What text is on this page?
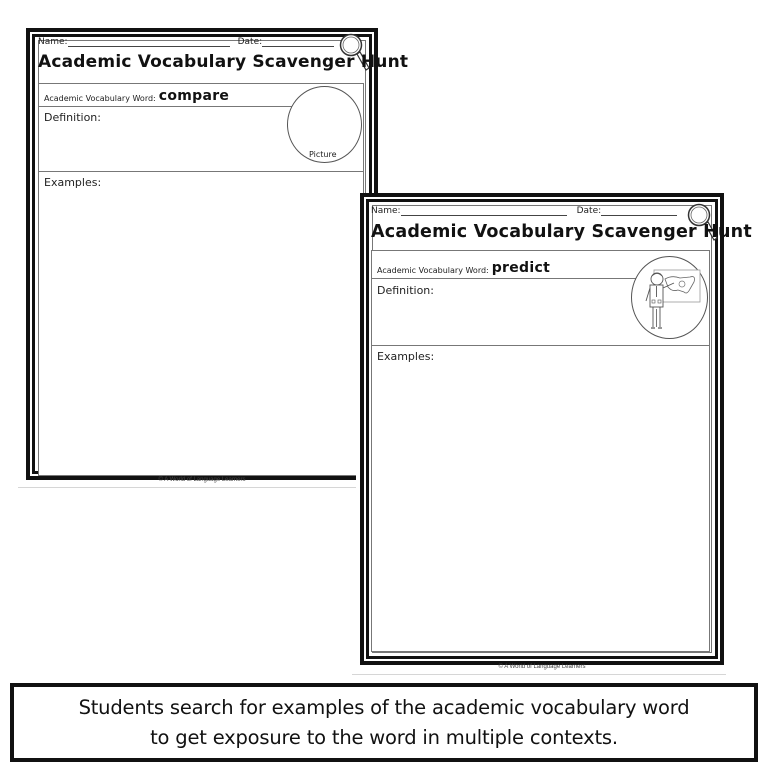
Name:	Date:
Academic Vocabulary Scavenger Hunt
Academic Vocabulary Word: compare
Definition:
Examples:
Picture
© A World of Language Learners
Name:	Date:
Academic Vocabulary Scavenger Hunt
Academic Vocabulary Word: predict
Definition:
Examples:
© A World of Language Learners
Students search for examples of the academic vocabulary word
to get exposure to the word in multiple contexts.
